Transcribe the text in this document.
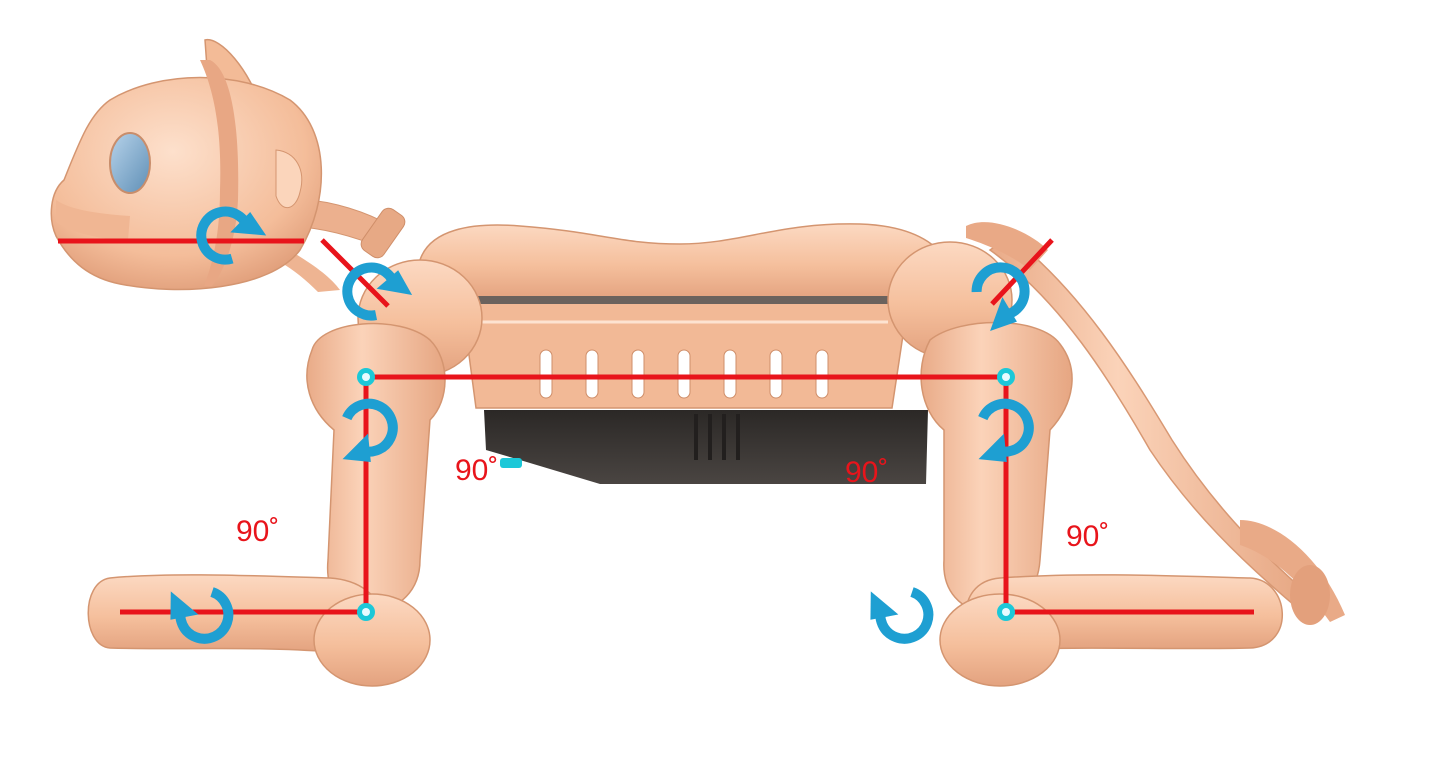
90˚
90˚	90˚
90˚
